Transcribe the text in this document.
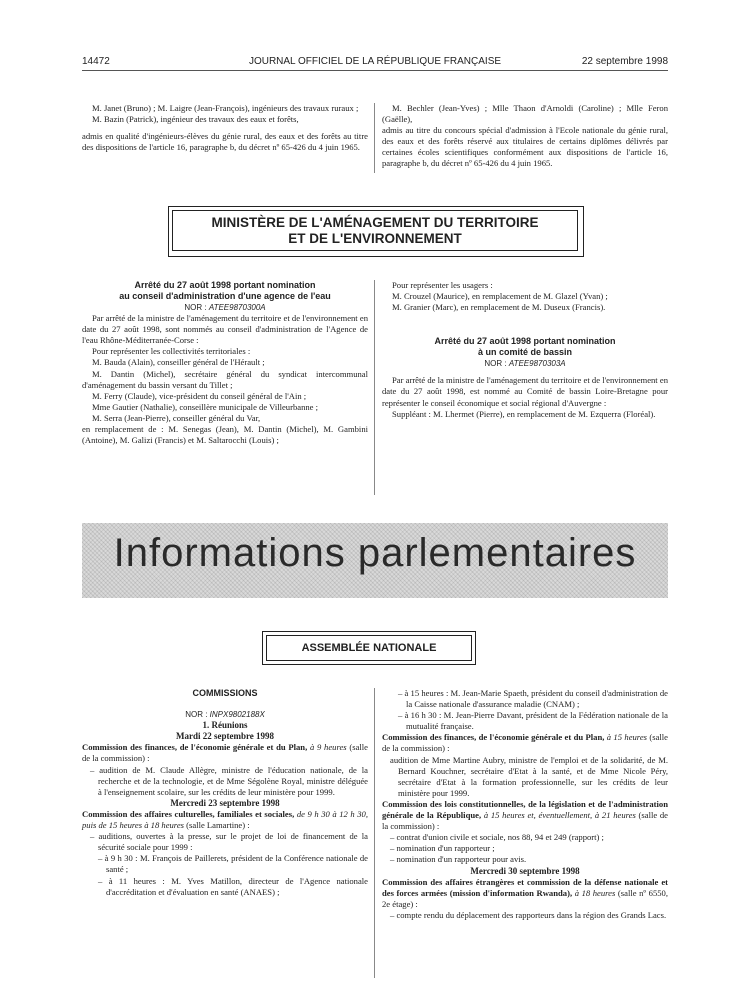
14472	JOURNAL OFFICIEL DE LA RÉPUBLIQUE FRANÇAISE	22 septembre 1998

M. Janet (Bruno) ; M. Laigre (Jean-François), ingénieurs des travaux ruraux ;

M. Bazin (Patrick), ingénieur des travaux des eaux et forêts,

admis en qualité d'ingénieurs-élèves du génie rural, des eaux et des forêts au titre des dispositions de l'article 16, paragraphe b, du décret nº 65-426 du 4 juin 1965.

M. Bechler (Jean-Yves) ; Mlle Thaon d'Arnoldi (Caroline) ; Mlle Feron (Gaëlle),

admis au titre du concours spécial d'admission à l'Ecole nationale du génie rural, des eaux et des forêts réservé aux titulaires de certains diplômes délivrés par certaines écoles scientifiques conformément aux dispositions de l'article 16, paragraphe b, du décret nº 65-426 du 4 juin 1965.

MINISTÈRE DE L'AMÉNAGEMENT DU TERRITOIRE
ET DE L'ENVIRONNEMENT

Arrêté du 27 août 1998 portant nomination

au conseil d'administration d'une agence de l'eau

NOR : ATEE9870300A

Par arrêté de la ministre de l'aménagement du territoire et de l'environnement en date du 27 août 1998, sont nommés au conseil d'administration de l'Agence de l'eau Rhône-Méditerranée-Corse :

Pour représenter les collectivités territoriales :

M. Bauda (Alain), conseiller général de l'Hérault ;

M. Dantin (Michel), secrétaire général du syndicat intercommunal d'aménagement du bassin versant du Tillet ;

M. Ferry (Claude), vice-président du conseil général de l'Ain ;

Mme Gautier (Nathalie), conseillère municipale de Villeurbanne ;

M. Serra (Jean-Pierre), conseiller général du Var,

en remplacement de : M. Senegas (Jean), M. Dantin (Michel), M. Gambini (Antoine), M. Galizi (Francis) et M. Saltarocchi (Louis) ;

Pour représenter les usagers :

M. Crouzel (Maurice), en remplacement de M. Glazel (Yvan) ;

M. Granier (Marc), en remplacement de M. Duseux (Francis).

Arrêté du 27 août 1998 portant nomination

à un comité de bassin

NOR : ATEE9870303A

Par arrêté de la ministre de l'aménagement du territoire et de l'environnement en date du 27 août 1998, est nommé au Comité de bassin Loire-Bretagne pour représenter le conseil économique et social régional d'Auvergne :

Suppléant : M. Lhermet (Pierre), en remplacement de M. Ezquerra (Floréal).

Informations parlementaires
ASSEMBLÉE NATIONALE

COMMISSIONS

NOR : INPX9802188X

1. Réunions

Mardi 22 septembre 1998

Commission des finances, de l'économie générale et du Plan, à 9 heures (salle de la commission) :

– audition de M. Claude Allègre, ministre de l'éducation nationale, de la recherche et de la technologie, et de Mme Ségolène Royal, ministre déléguée à l'enseignement scolaire, sur les crédits de leur ministère pour 1999.

Mercredi 23 septembre 1998

Commission des affaires culturelles, familiales et sociales, de 9 h 30 à 12 h 30, puis de 15 heures à 18 heures (salle Lamartine) :

– auditions, ouvertes à la presse, sur le projet de loi de financement de la sécurité sociale pour 1999 :

– à 9 h 30 : M. François de Paillerets, président de la Conférence nationale de santé ;

– à 11 heures : M. Yves Matillon, directeur de l'Agence nationale d'accréditation et d'évaluation en santé (ANAES) ;

– à 15 heures : M. Jean-Marie Spaeth, président du conseil d'administration de la Caisse nationale d'assurance maladie (CNAM) ;

– à 16 h 30 : M. Jean-Pierre Davant, président de la Fédération nationale de la mutualité française.

Commission des finances, de l'économie générale et du Plan, à 15 heures (salle de la commission) :

audition de Mme Martine Aubry, ministre de l'emploi et de la solidarité, de M. Bernard Kouchner, secrétaire d'Etat à la santé, et de Mme Nicole Péry, secrétaire d'Etat à la formation professionnelle, sur les crédits de leur ministère pour 1999.

Commission des lois constitutionnelles, de la législation et de l'administration générale de la République, à 15 heures et, éventuellement, à 21 heures (salle de la commission) :

– contrat d'union civile et sociale, nos 88, 94 et 249 (rapport) ;

– nomination d'un rapporteur ;

– nomination d'un rapporteur pour avis.

Mercredi 30 septembre 1998

Commission des affaires étrangères et commission de la défense nationale et des forces armées (mission d'information Rwanda), à 18 heures (salle nº 6550, 2e étage) :

– compte rendu du déplacement des rapporteurs dans la région des Grands Lacs.
